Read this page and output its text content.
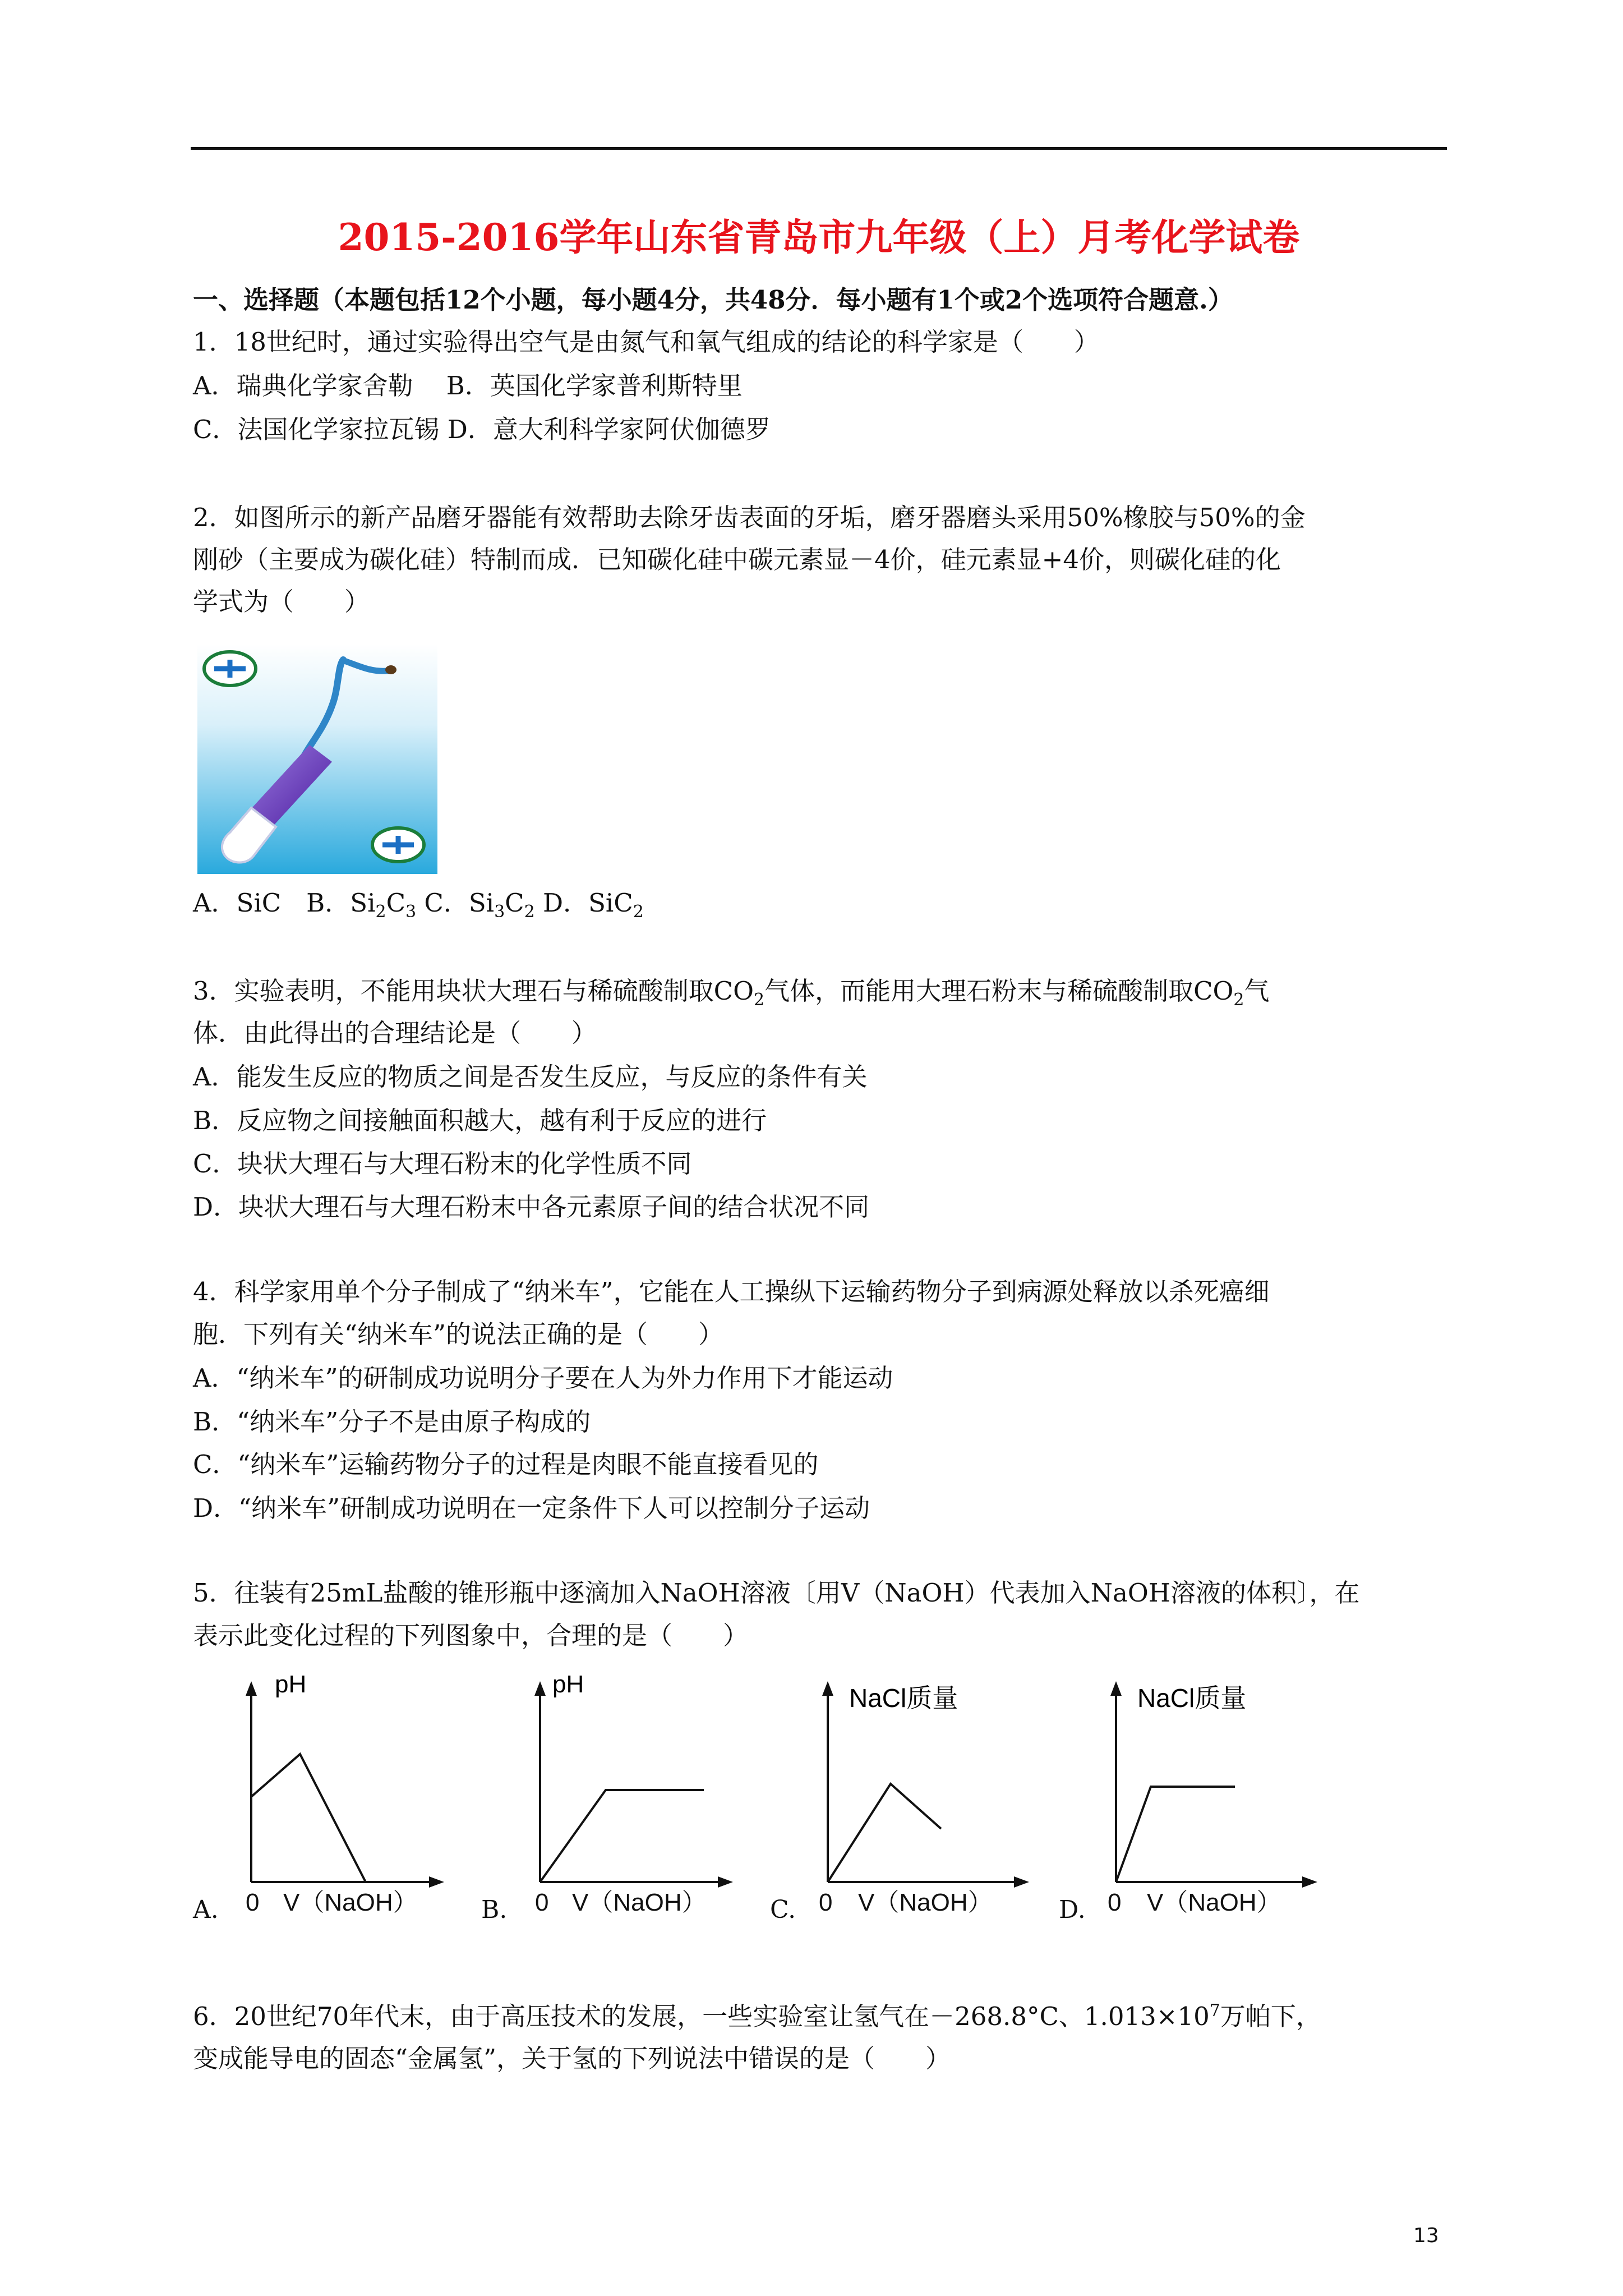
2015-2016学年山东省青岛市九年级（上）月考化学试卷
一、选择题（本题包括12个小题，每小题4分，共48分．每小题有1个或2个选项符合题意.）
1．18世纪时，通过实验得出空气是由氮气和氧气组成的结论的科学家是（　　）
A．瑞典化学家舍勒　 B．英国化学家普利斯特里
C．法国化学家拉瓦锡 D．意大利科学家阿伏伽德罗
2．如图所示的新产品磨牙器能有效帮助去除牙齿表面的牙垢，磨牙器磨头采用50%橡胶与50%的金
刚砂（主要成为碳化硅）特制而成．已知碳化硅中碳元素显－4价，硅元素显+4价，则碳化硅的化
学式为（　　）
A．SiC　 B．$Si_2C_3$ C．$Si_3C_2$ D．SiC$_2$
3．实验表明，不能用块状大理石与稀硫酸制取$CO_2$气体，而能用大理石粉末与稀硫酸制取$CO_2$气
体．由此得出的合理结论是（　　）
A．能发生反应的物质之间是否发生反应，与反应的条件有关
B．反应物之间接触面积越大，越有利于反应的进行
C．块状大理石与大理石粉末的化学性质不同
D．块状大理石与大理石粉末中各元素原子间的结合状况不同
4．科学家用单个分子制成了“纳米车”，它能在人工操纵下运输药物分子到病源处释放以杀死癌细
胞．下列有关“纳米车”的说法正确的是（　　）
A．“纳米车”的研制成功说明分子要在人为外力作用下才能运动
B．“纳米车”分子不是由原子构成的
C．“纳米车”运输药物分子的过程是肉眼不能直接看见的
D．“纳米车”研制成功说明在一定条件下人可以控制分子运动
5．往装有25mL盐酸的锥形瓶中逐滴加入NaOH溶液〔用V（NaOH）代表加入NaOH溶液的体积〕，在
表示此变化过程的下列图象中，合理的是（　　）
A.
pH
0 V（NaOH）	B.
pH
0 V（NaOH）	C.
NaCl质量
0 V（NaOH）	D.
NaCl质量
0 V（NaOH）
6．20世纪70年代末，由于高压技术的发展，一些实验室让氢气在－268.8°C、$1.013\times 10^7$万帕下，
变成能导电的固态“金属氢”，关于氢的下列说法中错误的是（　　）
13
